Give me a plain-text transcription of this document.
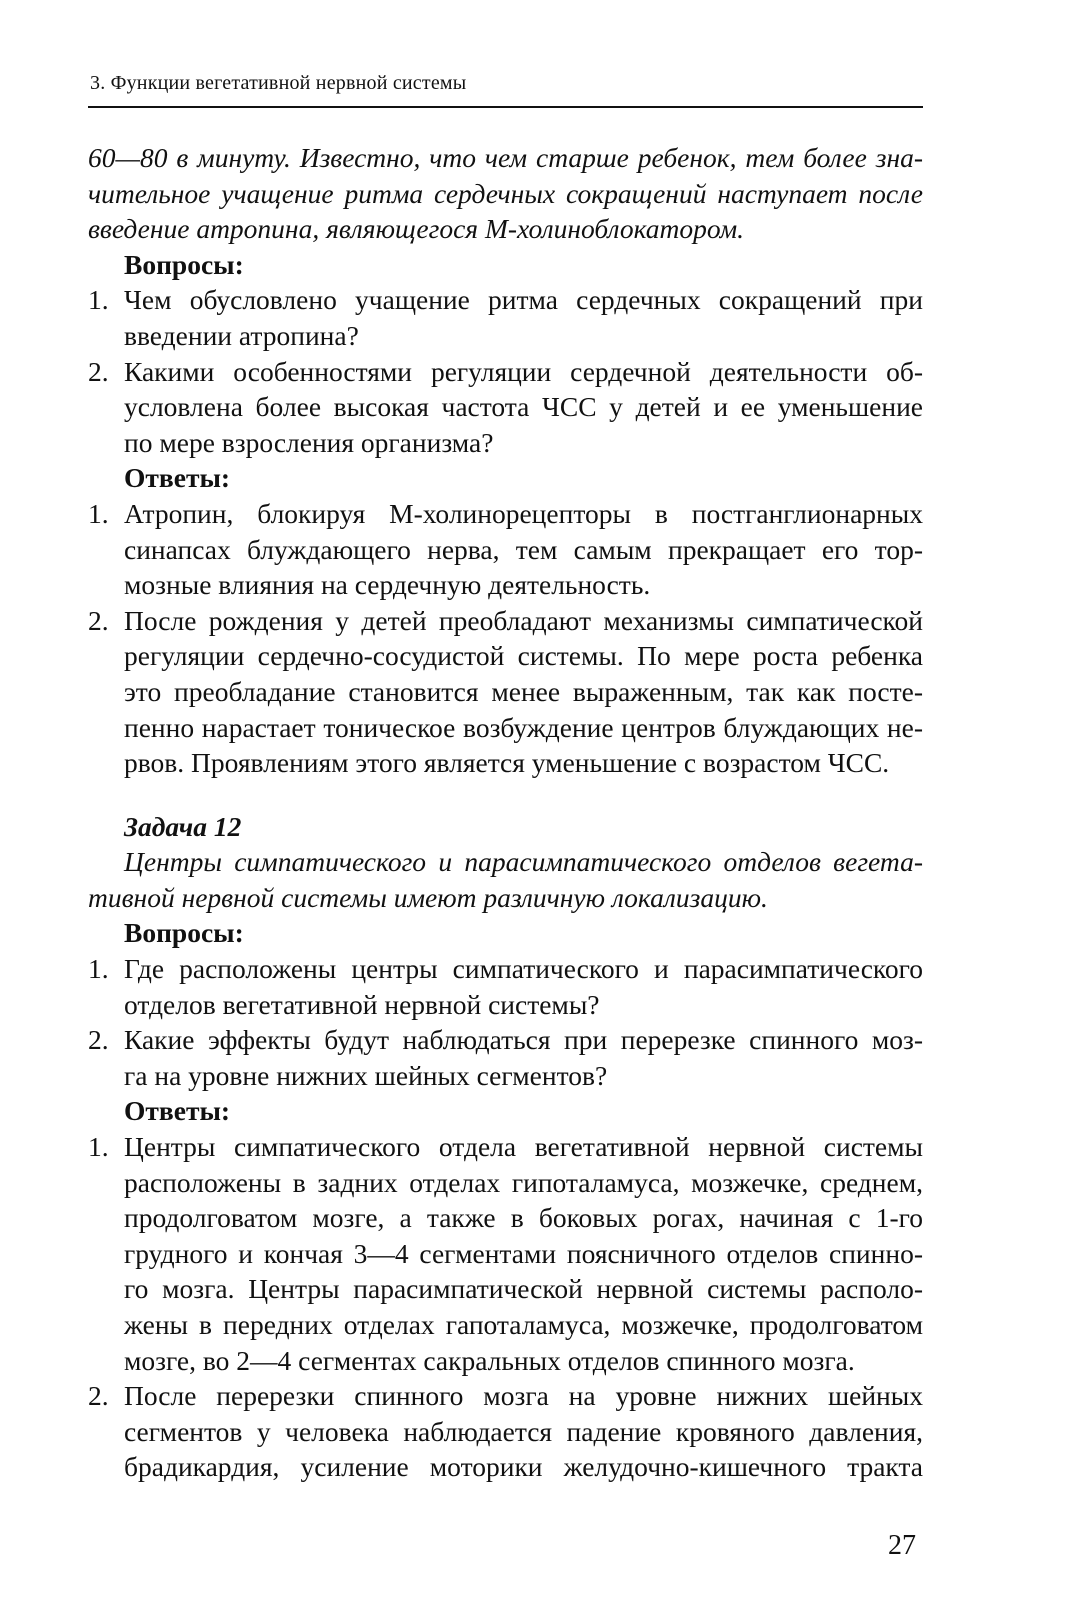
3. Функции вегетативной нервной системы
60—80 в минуту. Известно, что чем старше ребенок, тем более зна-
чительное учащение ритма сердечных сокращений наступает после
введение атропина, являющегося М-холиноблокатором.
Вопросы:
1. Чем обусловлено учащение ритма сердечных сокращений при
введении атропина?
2. Какими особенностями регуляции сердечной деятельности об-
условлена более высокая частота ЧСС у детей и ее уменьшение
по мере взросления организма?
Ответы:
1. Атропин, блокируя М-холинорецепторы в постганглионарных
синапсах блуждающего нерва, тем самым прекращает его тор-
мозные влияния на сердечную деятельность.
2. После рождения у детей преобладают механизмы симпатической
регуляции сердечно-сосудистой системы. По мере роста ребенка
это преобладание становится менее выраженным, так как посте-
пенно нарастает тоническое возбуждение центров блуждающих не-
рвов. Проявлениям этого является уменьшение с возрастом ЧСС.
Задача 12
Центры симпатического и парасимпатического отделов вегета-
тивной нервной системы имеют различную локализацию.
Вопросы:
1. Где расположены центры симпатического и парасимпатического
отделов вегетативной нервной системы?
2. Какие эффекты будут наблюдаться при перерезке спинного моз-
га на уровне нижних шейных сегментов?
Ответы:
1. Центры симпатического отдела вегетативной нервной системы
расположены в задних отделах гипоталамуса, мозжечке, среднем,
продолговатом мозге, а также в боковых рогах, начиная с 1-го
грудного и кончая 3—4 сегментами поясничного отделов спинно-
го мозга. Центры парасимпатической нервной системы располо-
жены в передних отделах гапоталамуса, мозжечке, продолговатом
мозге, во 2—4 сегментах сакральных отделов спинного мозга.
2. После перерезки спинного мозга на уровне нижних шейных
сегментов у человека наблюдается падение кровяного давления,
брадикардия, усиление моторики желудочно-кишечного тракта
27
